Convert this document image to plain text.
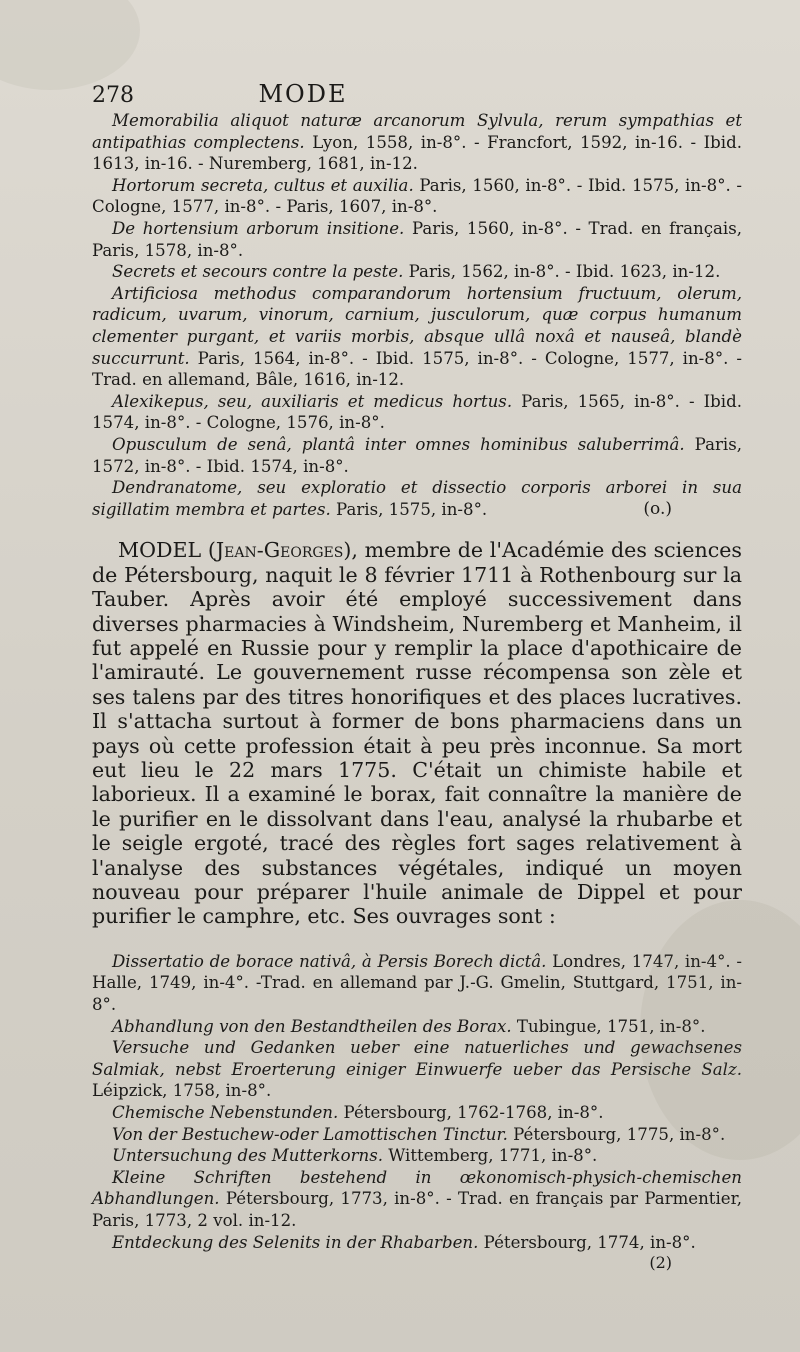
278	MODE

Memorabilia aliquot naturæ arcanorum Sylvula, rerum sympathias et antipathias complectens. Lyon, 1558, in-8°. - Francfort, 1592, in-16. - Ibid. 1613, in-16. - Nuremberg, 1681, in-12.

Hortorum secreta, cultus et auxilia. Paris, 1560, in-8°. - Ibid. 1575, in-8°. - Cologne, 1577, in-8°. - Paris, 1607, in-8°.

De hortensium arborum insitione. Paris, 1560, in-8°. - Trad. en français, Paris, 1578, in-8°.

Secrets et secours contre la peste. Paris, 1562, in-8°. - Ibid. 1623, in-12.

Artificiosa methodus comparandorum hortensium fructuum, olerum, radicum, uvarum, vinorum, carnium, jusculorum, quæ corpus humanum clementer purgant, et variis morbis, absque ullâ noxâ et nauseâ, blandè succurrunt. Paris, 1564, in-8°. - Ibid. 1575, in-8°. - Cologne, 1577, in-8°. -Trad. en allemand, Bâle, 1616, in-12.

Alexikepus, seu, auxiliaris et medicus hortus. Paris, 1565, in-8°. - Ibid. 1574, in-8°. - Cologne, 1576, in-8°.

Opusculum de senâ, plantâ inter omnes hominibus saluberrimâ. Paris, 1572, in-8°. - Ibid. 1574, in-8°.

Dendranatome, seu exploratio et dissectio corporis arborei in sua sigillatim membra et partes. Paris, 1575, in-8°.	(o.)

MODEL (Jean-Georges), membre de l'Académie des sciences de Pétersbourg, naquit le 8 février 1711 à Rothenbourg sur la Tauber. Après avoir été employé successivement dans diverses pharmacies à Windsheim, Nuremberg et Manheim, il fut appelé en Russie pour y remplir la place d'apothicaire de l'amirauté. Le gouvernement russe récompensa son zèle et ses talens par des titres honorifiques et des places lucratives. Il s'attacha surtout à former de bons pharmaciens dans un pays où cette profession était à peu près inconnue. Sa mort eut lieu le 22 mars 1775. C'était un chimiste habile et laborieux. Il a examiné le borax, fait connaître la manière de le purifier en le dissolvant dans l'eau, analysé la rhubarbe et le seigle ergoté, tracé des règles fort sages relativement à l'analyse des substances végétales, indiqué un moyen nouveau pour préparer l'huile animale de Dippel et pour purifier le camphre, etc. Ses ouvrages sont :

Dissertatio de borace nativâ, à Persis Borech dictâ. Londres, 1747, in-4°. - Halle, 1749, in-4°. -Trad. en allemand par J.-G. Gmelin, Stuttgard, 1751, in-8°.

Abhandlung von den Bestandtheilen des Borax. Tubingue, 1751, in-8°.

Versuche und Gedanken ueber eine natuerliches und gewachsenes Salmiak, nebst Eroerterung einiger Einwuerfe ueber das Persische Salz. Léipzick, 1758, in-8°.

Chemische Nebenstunden. Pétersbourg, 1762-1768, in-8°.

Von der Bestuchew-oder Lamottischen Tinctur. Pétersbourg, 1775, in-8°.

Untersuchung des Mutterkorns. Wittemberg, 1771, in-8°.

Kleine Schriften bestehend in œkonomisch-physich-chemischen Abhandlungen. Pétersbourg, 1773, in-8°. - Trad. en français par Parmentier, Paris, 1773, 2 vol. in-12.

Entdeckung des Selenits in der Rhabarben. Pétersbourg, 1774, in-8°.

(2)
